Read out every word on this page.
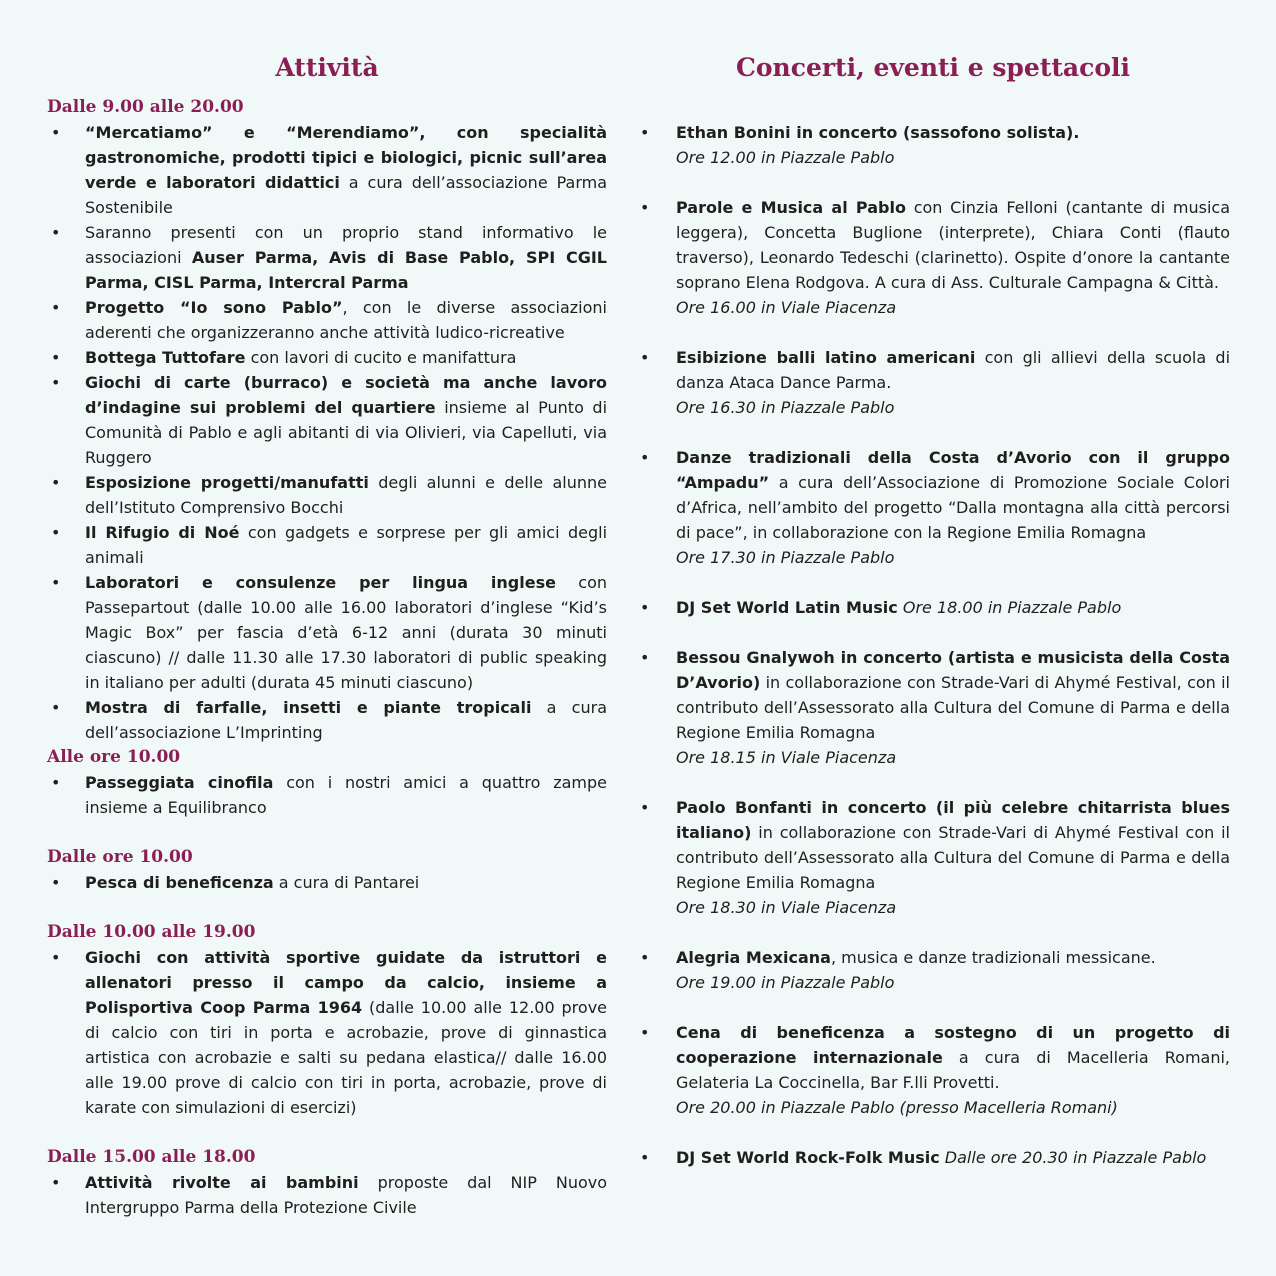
Attività
Dalle 9.00 alle 20.00
• “Mercatiamo” e “Merendiamo”, con specialità gastronomiche, prodotti tipici e biologici, picnic sull’area verde e laboratori didattici a cura dell’associazione Parma Sostenibile
• Saranno presenti con un proprio stand informativo le associazioni Auser Parma, Avis di Base Pablo, SPI CGIL Parma, CISL Parma, Intercral Parma
• Progetto “Io sono Pablo”, con le diverse associazioni aderenti che organizzeranno anche attività ludico-ricreative
• Bottega Tuttofare con lavori di cucito e manifattura
• Giochi di carte (burraco) e società ma anche lavoro d’indagine sui problemi del quartiere insieme al Punto di Comunità di Pablo e agli abitanti di via Olivieri, via Capelluti, via Ruggero
• Esposizione progetti/manufatti degli alunni e delle alunne dell’Istituto Comprensivo Bocchi
• Il Rifugio di Noé con gadgets e sorprese per gli amici degli animali
• Laboratori e consulenze per lingua inglese con Passepartout (dalle 10.00 alle 16.00 laboratori d’inglese “Kid’s Magic Box” per fascia d’età 6-12 anni (durata 30 minuti ciascuno) // dalle 11.30 alle 17.30 laboratori di public speaking in italiano per adulti (durata 45 minuti ciascuno)
• Mostra di farfalle, insetti e piante tropicali a cura dell’associazione L’Imprinting
Alle ore 10.00
• Passeggiata cinofila con i nostri amici a quattro zampe insieme a Equilibranco
Dalle ore 10.00
• Pesca di beneficenza a cura di Pantarei
Dalle 10.00 alle 19.00
• Giochi con attività sportive guidate da istruttori e allenatori presso il campo da calcio, insieme a Polisportiva Coop Parma 1964 (dalle 10.00 alle 12.00 prove di calcio con tiri in porta e acrobazie, prove di ginnastica artistica con acrobazie e salti su pedana elastica// dalle 16.00 alle 19.00 prove di calcio con tiri in porta, acrobazie, prove di karate con simulazioni di esercizi)
Dalle 15.00 alle 18.00
• Attività rivolte ai bambini proposte dal NIP Nuovo Intergruppo Parma della Protezione Civile
Concerti, eventi e spettacoli
• Ethan Bonini in concerto (sassofono solista).
Ore 12.00 in Piazzale Pablo
• Parole e Musica al Pablo con Cinzia Felloni (cantante di musica leggera), Concetta Buglione (interprete), Chiara Conti (flauto traverso), Leonardo Tedeschi (clarinetto). Ospite d’onore la cantante soprano Elena Rodgova. A cura di Ass. Culturale Campagna & Città.
Ore 16.00 in Viale Piacenza
• Esibizione balli latino americani con gli allievi della scuola di danza Ataca Dance Parma.
Ore 16.30 in Piazzale Pablo
• Danze tradizionali della Costa d’Avorio con il gruppo “Ampadu” a cura dell’Associazione di Promozione Sociale Colori d’Africa, nell’ambito del progetto “Dalla montagna alla città percorsi di pace”, in collaborazione con la Regione Emilia Romagna
Ore 17.30 in Piazzale Pablo
• DJ Set World Latin Music Ore 18.00 in Piazzale Pablo
• Bessou Gnalywoh in concerto (artista e musicista della Costa D’Avorio) in collaborazione con Strade-Vari di Ahymé Festival, con il contributo dell’Assessorato alla Cultura del Comune di Parma e della Regione Emilia Romagna
Ore 18.15 in Viale Piacenza
• Paolo Bonfanti in concerto (il più celebre chitarrista blues italiano) in collaborazione con Strade-Vari di Ahymé Festival con il contributo dell’Assessorato alla Cultura del Comune di Parma e della Regione Emilia Romagna
Ore 18.30 in Viale Piacenza
• Alegria Mexicana, musica e danze tradizionali messicane.
Ore 19.00 in Piazzale Pablo
• Cena di beneficenza a sostegno di un progetto di cooperazione internazionale a cura di Macelleria Romani, Gelateria La Coccinella, Bar F.lli Provetti.
Ore 20.00 in Piazzale Pablo (presso Macelleria Romani)
• DJ Set World Rock-Folk Music Dalle ore 20.30 in Piazzale Pablo
